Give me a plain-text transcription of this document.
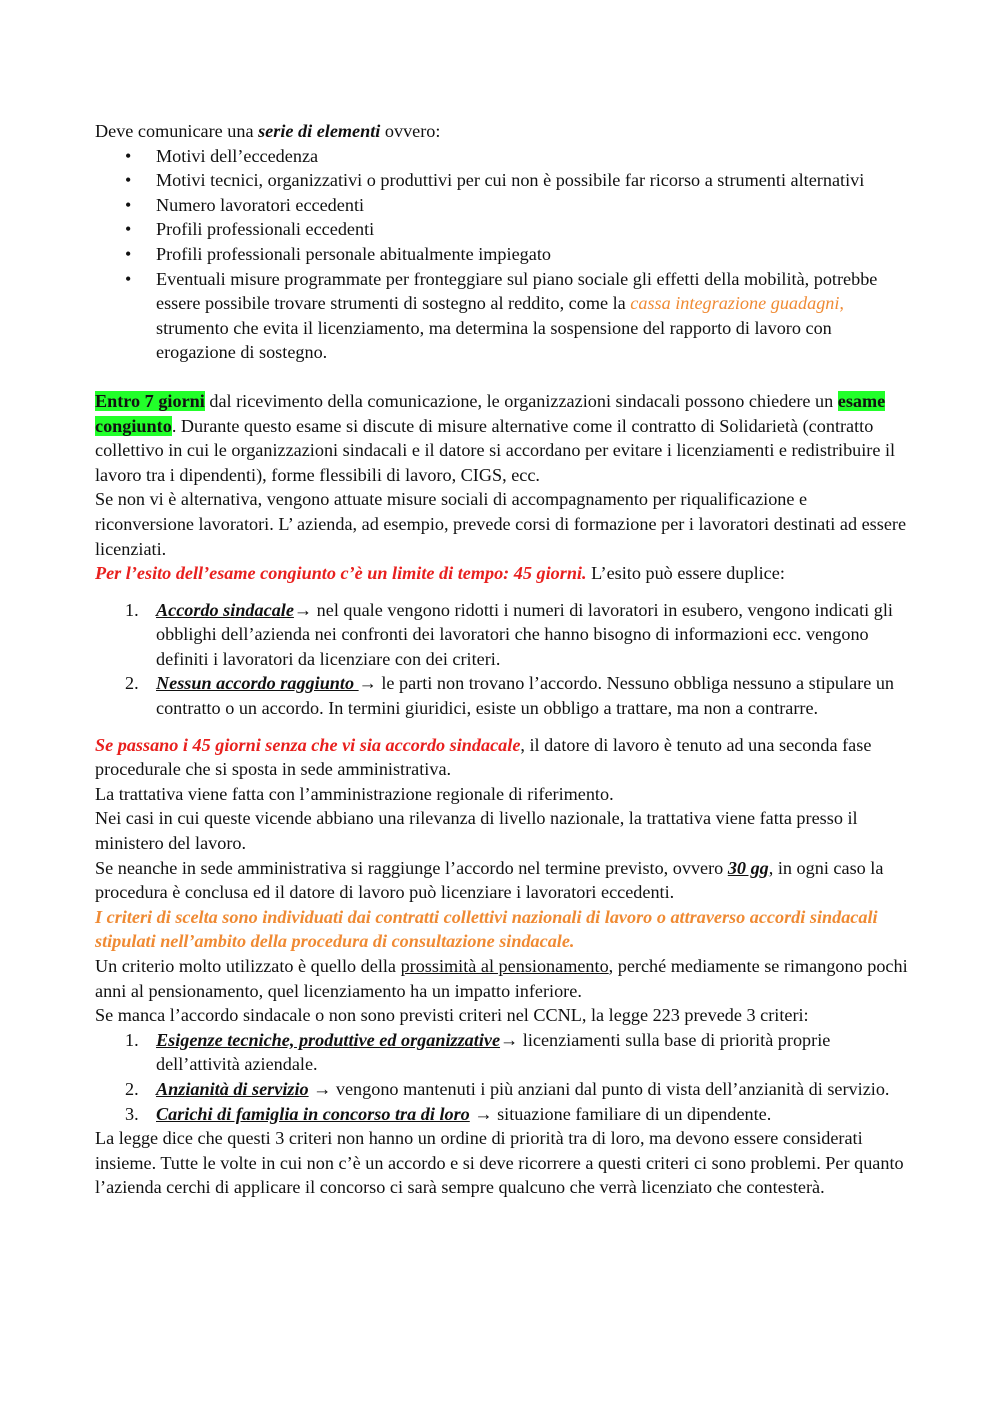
Deve comunicare una serie di elementi ovvero:

• Motivi dell’eccedenza
• Motivi tecnici, organizzativi o produttivi per cui non è possibile far ricorso a strumenti alternativi
• Numero lavoratori eccedenti
• Profili professionali eccedenti
• Profili professionali personale abitualmente impiegato
• Eventuali misure programmate per fronteggiare sul piano sociale gli effetti della mobilità, potrebbe essere possibile trovare strumenti di sostegno al reddito, come la cassa integrazione guadagni, strumento che evita il licenziamento, ma determina la sospensione del rapporto di lavoro con erogazione di sostegno.

Entro 7 giorni dal ricevimento della comunicazione, le organizzazioni sindacali possono chiedere un esame congiunto. Durante questo esame si discute di misure alternative come il contratto di Solidarietà (contratto collettivo in cui le organizzazioni sindacali e il datore si accordano per evitare i licenziamenti e redistribuire il lavoro tra i dipendenti), forme flessibili di lavoro, CIGS, ecc.

Se non vi è alternativa, vengono attuate misure sociali di accompagnamento per riqualificazione e riconversione lavoratori. L’ azienda, ad esempio, prevede corsi di formazione per i lavoratori destinati ad essere licenziati.

Per l’esito dell’esame congiunto c’è un limite di tempo: 45 giorni. L’esito può essere duplice:

1. Accordo sindacale→ nel quale vengono ridotti i numeri di lavoratori in esubero, vengono indicati gli obblighi dell’azienda nei confronti dei lavoratori che hanno bisogno di informazioni ecc. vengono definiti i lavoratori da licenziare con dei criteri.
2. Nessun accordo raggiunto → le parti non trovano l’accordo. Nessuno obbliga nessuno a stipulare un contratto o un accordo. In termini giuridici, esiste un obbligo a trattare, ma non a contrarre.

Se passano i 45 giorni senza che vi sia accordo sindacale, il datore di lavoro è tenuto ad una seconda fase procedurale che si sposta in sede amministrativa.

La trattativa viene fatta con l’amministrazione regionale di riferimento.

Nei casi in cui queste vicende abbiano una rilevanza di livello nazionale, la trattativa viene fatta presso il ministero del lavoro.

Se neanche in sede amministrativa si raggiunge l’accordo nel termine previsto, ovvero 30 gg, in ogni caso la procedura è conclusa ed il datore di lavoro può licenziare i lavoratori eccedenti.

I criteri di scelta sono individuati dai contratti collettivi nazionali di lavoro o attraverso accordi sindacali stipulati nell’ambito della procedura di consultazione sindacale.

Un criterio molto utilizzato è quello della prossimità al pensionamento, perché mediamente se rimangono pochi anni al pensionamento, quel licenziamento ha un impatto inferiore.

Se manca l’accordo sindacale o non sono previsti criteri nel CCNL, la legge 223 prevede 3 criteri:

1. Esigenze tecniche, produttive ed organizzative→ licenziamenti sulla base di priorità proprie dell’attività aziendale.
2. Anzianità di servizio → vengono mantenuti i più anziani dal punto di vista dell’anzianità di servizio.
3. Carichi di famiglia in concorso tra di loro → situazione familiare di un dipendente.

La legge dice che questi 3 criteri non hanno un ordine di priorità tra di loro, ma devono essere considerati insieme. Tutte le volte in cui non c’è un accordo e si deve ricorrere a questi criteri ci sono problemi. Per quanto l’azienda cerchi di applicare il concorso ci sarà sempre qualcuno che verrà licenziato che contesterà.
